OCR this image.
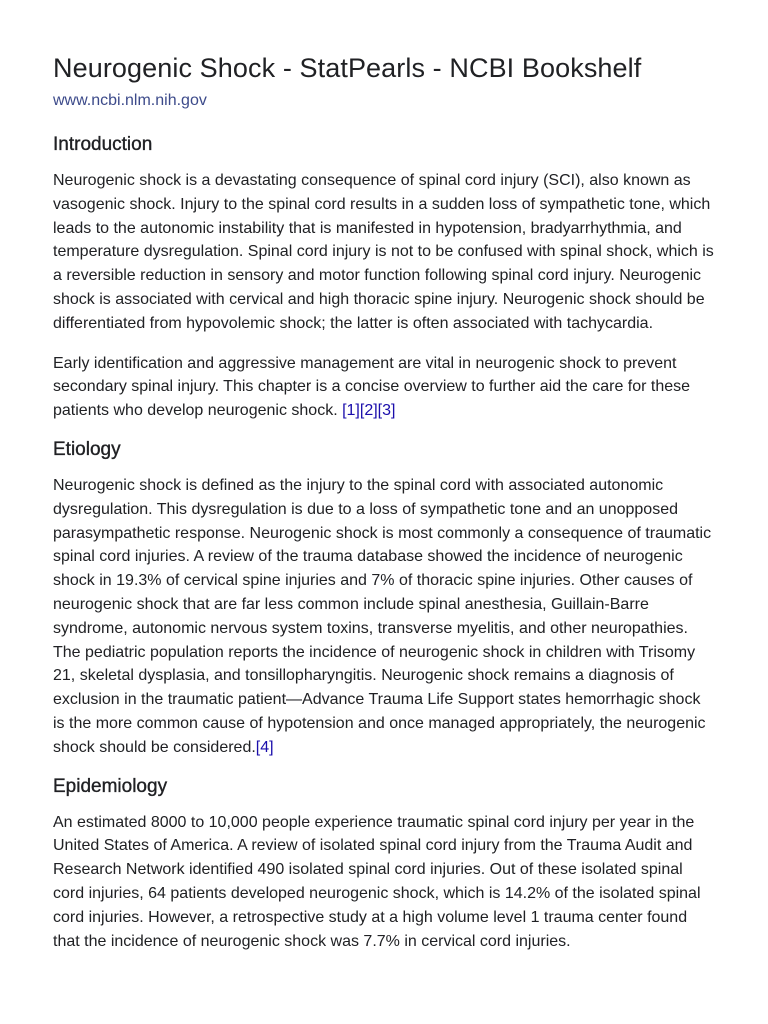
Neurogenic Shock - StatPearls - NCBI Bookshelf
www.ncbi.nlm.nih.gov
Introduction

Neurogenic shock is a devastating consequence of spinal cord injury (SCI), also known as vasogenic shock. Injury to the spinal cord results in a sudden loss of sympathetic tone, which leads to the autonomic instability that is manifested in hypotension, bradyarrhythmia, and temperature dysregulation. Spinal cord injury is not to be confused with spinal shock, which is a reversible reduction in sensory and motor function following spinal cord injury. Neurogenic shock is associated with cervical and high thoracic spine injury. Neurogenic shock should be differentiated from hypovolemic shock; the latter is often associated with tachycardia.

Early identification and aggressive management are vital in neurogenic shock to prevent secondary spinal injury. This chapter is a concise overview to further aid the care for these patients who develop neurogenic shock. [1][2][3]

Etiology

Neurogenic shock is defined as the injury to the spinal cord with associated autonomic dysregulation. This dysregulation is due to a loss of sympathetic tone and an unopposed parasympathetic response. Neurogenic shock is most commonly a consequence of traumatic spinal cord injuries. A review of the trauma database showed the incidence of neurogenic shock in 19.3% of cervical spine injuries and 7% of thoracic spine injuries. Other causes of neurogenic shock that are far less common include spinal anesthesia, Guillain-Barre syndrome, autonomic nervous system toxins, transverse myelitis, and other neuropathies. The pediatric population reports the incidence of neurogenic shock in children with Trisomy 21, skeletal dysplasia, and tonsillopharyngitis. Neurogenic shock remains a diagnosis of exclusion in the traumatic patient—Advance Trauma Life Support states hemorrhagic shock is the more common cause of hypotension and once managed appropriately, the neurogenic shock should be considered.[4]

Epidemiology

An estimated 8000 to 10,000 people experience traumatic spinal cord injury per year in the United States of America. A review of isolated spinal cord injury from the Trauma Audit and Research Network identified 490 isolated spinal cord injuries. Out of these isolated spinal cord injuries, 64 patients developed neurogenic shock, which is 14.2% of the isolated spinal cord injuries. However, a retrospective study at a high volume level 1 trauma center found that the incidence of neurogenic shock was 7.7% in cervical cord injuries.
